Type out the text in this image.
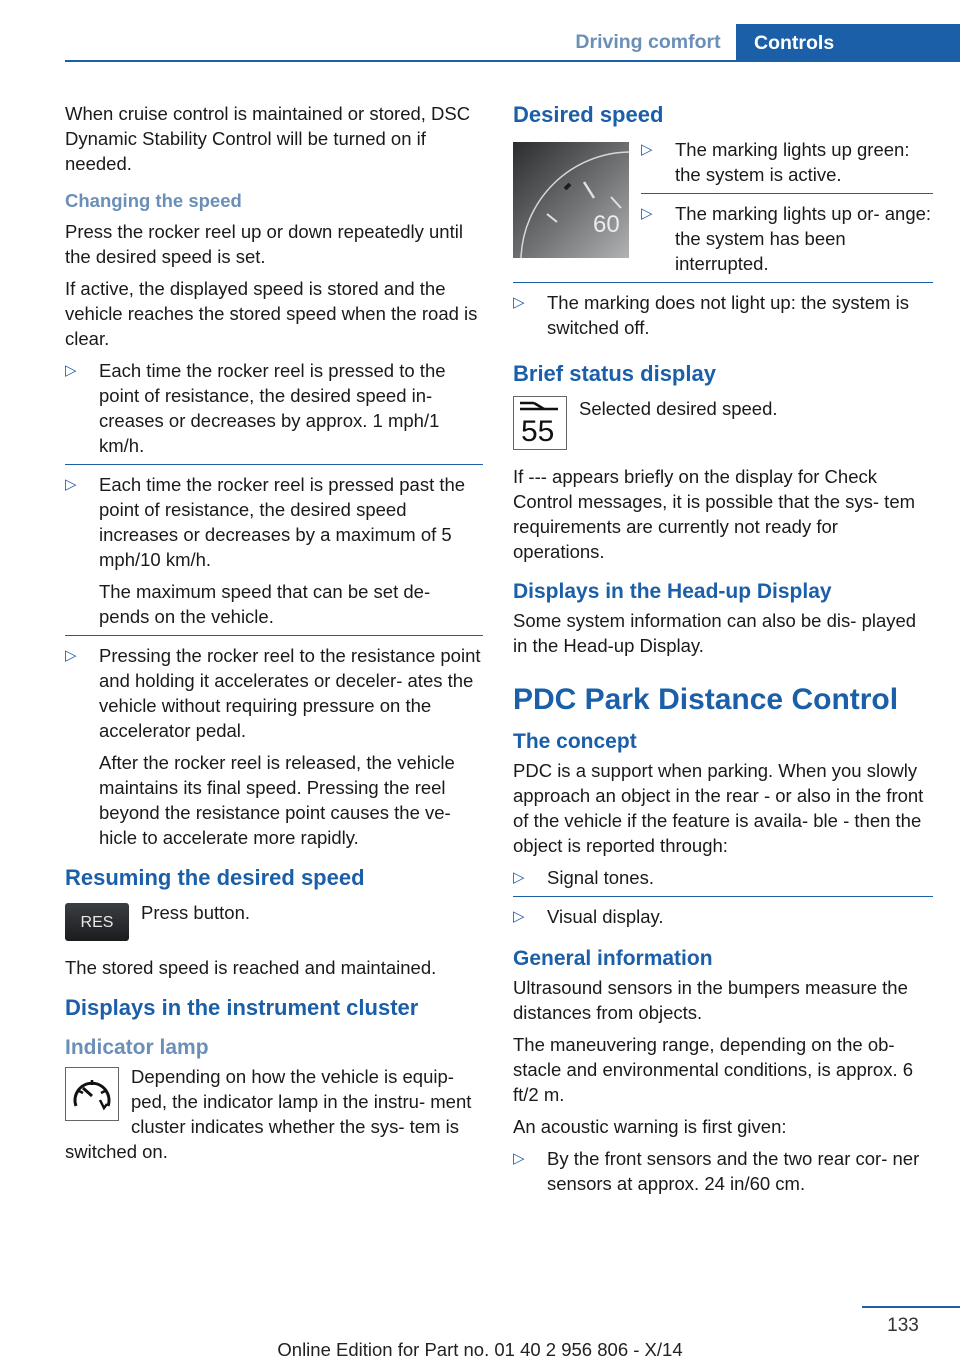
Driving comfort	Controls

When cruise control is maintained or stored, DSC Dynamic Stability Control will be turned on if needed.

Changing the speed

Press the rocker reel up or down repeatedly until the desired speed is set.

If active, the displayed speed is stored and the vehicle reaches the stored speed when the road is clear.

▷ Each time the rocker reel is pressed to the point of resistance, the desired speed in‐ creases or decreases by approx. 1 mph/1 km/h.
▷ Each time the rocker reel is pressed past the point of resistance, the desired speed increases or decreases by a maximum of 5 mph/10 km/h.
The maximum speed that can be set de‐ pends on the vehicle.
▷ Pressing the rocker reel to the resistance point and holding it accelerates or deceler‐ ates the vehicle without requiring pressure on the accelerator pedal.
After the rocker reel is released, the vehicle maintains its final speed. Pressing the reel beyond the resistance point causes the ve‐ hicle to accelerate more rapidly.
Resuming the desired speed
RES	Press button.

The stored speed is reached and maintained.

Displays in the instrument cluster
Indicator lamp
Depending on how the vehicle is equip‐ ped, the indicator lamp in the instru‐ ment cluster indicates whether the sys‐ tem is switched on.
Desired speed
60
▷ The marking lights up green: the system is active.
▷ The marking lights up or‐ ange: the system has been interrupted.
▷ The marking does not light up: the system is switched off.
Brief status display
55
Selected desired speed.

If --- appears briefly on the display for Check Control messages, it is possible that the sys‐ tem requirements are currently not ready for operations.

Displays in the Head-up Display

Some system information can also be dis‐ played in the Head-up Display.

PDC Park Distance Control
The concept

PDC is a support when parking. When you slowly approach an object in the rear - or also in the front of the vehicle if the feature is availa‐ ble - then the object is reported through:

▷ Signal tones.
▷ Visual display.
General information

Ultrasound sensors in the bumpers measure the distances from objects.

The maneuvering range, depending on the ob‐ stacle and environmental conditions, is approx. 6 ft/2 m.

An acoustic warning is first given:

▷ By the front sensors and the two rear cor‐ ner sensors at approx. 24 in/60 cm.
133
Online Edition for Part no. 01 40 2 956 806 - X/14
